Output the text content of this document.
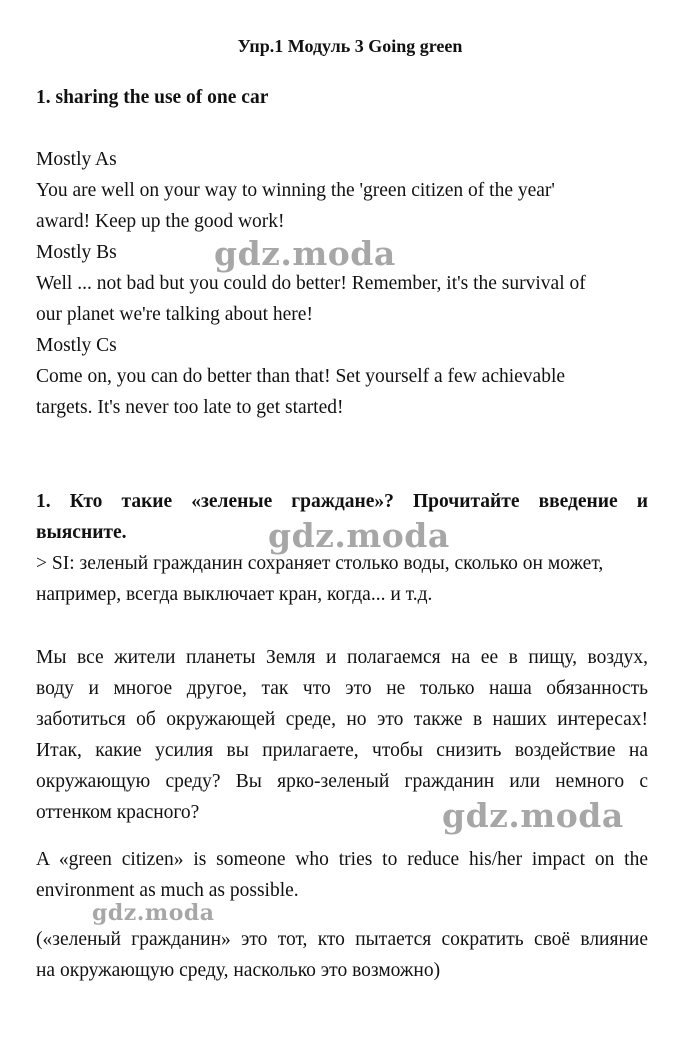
Упр.1 Модуль 3 Going green
1. sharing the use of one car
Mostly As
You are well on your way to winning the 'green citizen of the year'
award! Keep up the good work!
Mostly Bs
Well ... not bad but you could do better! Remember, it's the survival of
our planet we're talking about here!
Mostly Cs
Come on, you can do better than that! Set yourself a few achievable
targets. It's never too late to get started!
1. Кто такие «зеленые граждане»? Прочитайте введение и
выясните.
> SI: зеленый гражданин сохраняет столько воды, сколько он может,
например, всегда выключает кран, когда... и т.д.
Мы все жители планеты Земля и полагаемся на ее в пищу, воздух,
воду и многое другое, так что это не только наша обязанность
заботиться об окружающей среде, но это также в наших интересах!
Итак, какие усилия вы прилагаете, чтобы снизить воздействие на
окружающую среду? Вы ярко-зеленый гражданин или немного с
оттенком красного?
A «green citizen» is someone who tries to reduce his/her impact on the
environment as much as possible.
(«зеленый гражданин» это тот, кто пытается сократить своё влияние
на окружающую среду, насколько это возможно)
gdz.moda
gdz.moda
gdz.moda
gdz.moda
